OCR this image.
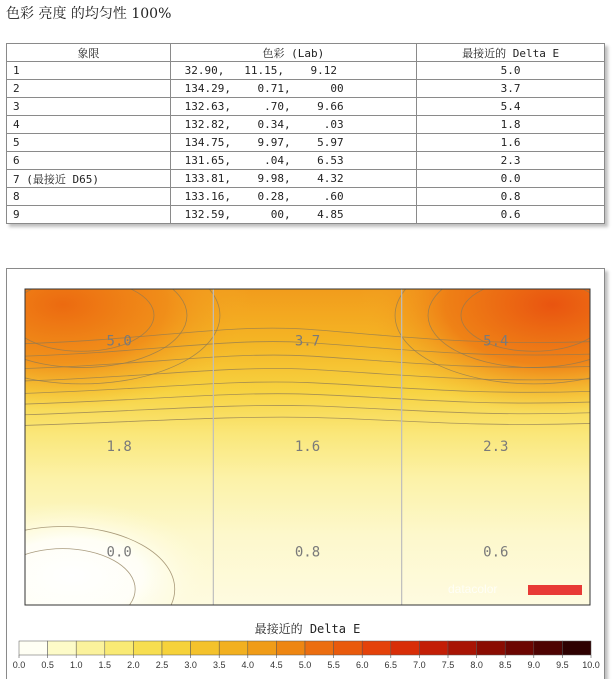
色彩 亮度 的均匀性 100%
象限	色彩 (Lab)	最接近的 Delta E
1	32.90,   11.15,    9.12	5.0
2	134.29,    0.71,      00	3.7
3	132.63,     .70,    9.66	5.4
4	132.82,    0.34,     .03	1.8
5	134.75,    9.97,    5.97	1.6
6	131.65,     .04,    6.53	2.3
7 (最接近 D65)	133.81,    9.98,    4.32	0.0
8	133.16,    0.28,     .60	0.8
9	132.59,      00,    4.85	0.6
5.0	3.7	5.4
1.8	1.6	2.3
0.0	0.8	0.6
datacolor
最接近的 Delta E
0.0 0.5 1.0 1.5 2.0 2.5 3.0 3.5 4.0 4.5 5.0 5.5 6.0 6.5 7.0 7.5 8.0 8.5 9.0 9.5 10.0
